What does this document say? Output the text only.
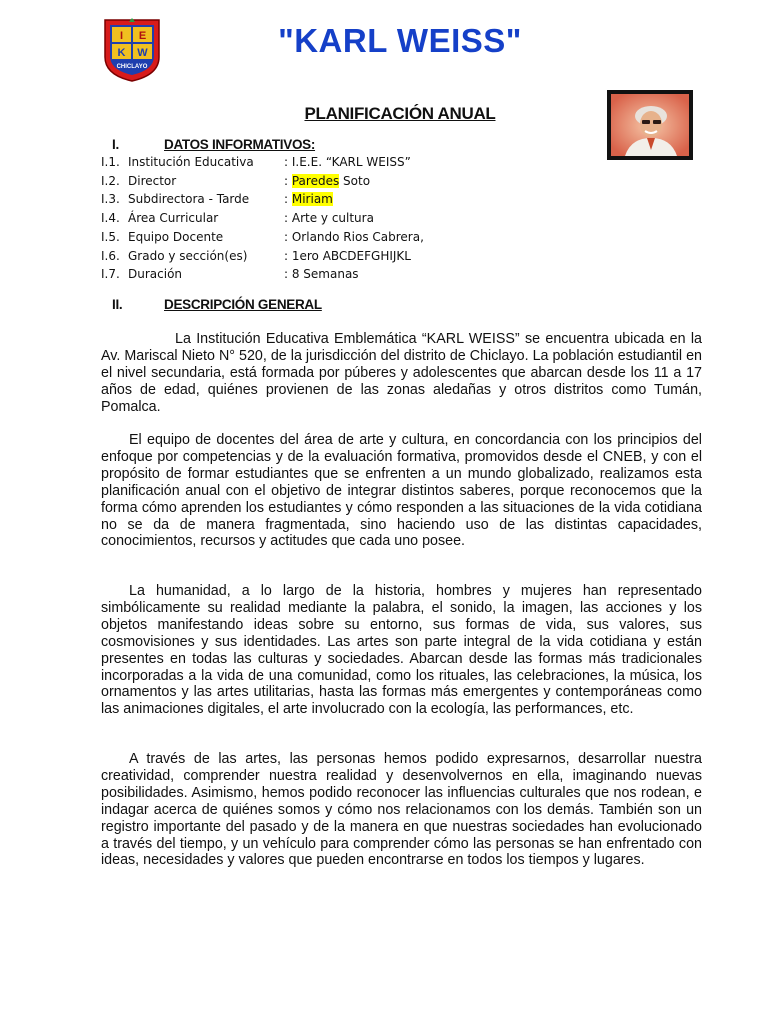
I E
K W
CHICLAYO
"KARL WEISS"
PLANIFICACIÓN ANUAL
I.	DATOS INFORMATIVOS:
I.1. Institución Educativa	: I.E.E. “KARL WEISS”
I.2. Director	: Paredes Soto
I.3. Subdirectora - Tarde	: Miriam
I.4. Área Curricular	: Arte y cultura
I.5. Equipo Docente	: Orlando Rios Cabrera,
I.6. Grado y sección(es)	: 1ero ABCDEFGHIJKL
I.7. Duración	: 8 Semanas
II.	DESCRIPCIÓN GENERAL

La Institución Educativa Emblemática “KARL WEISS” se encuentra ubicada en la Av. Mariscal Nieto N° 520, de la jurisdicción del distrito de Chiclayo. La población estudiantil en el nivel secundaria, está formada por púberes y adolescentes que abarcan desde los 11 a 17 años de edad, quiénes provienen de las zonas aledañas y otros distritos como Tumán, Pomalca.

El equipo de docentes del área de arte y cultura, en concordancia con los principios del enfoque por competencias y de la evaluación formativa, promovidos desde el CNEB, y con el propósito de formar estudiantes que se enfrenten a un mundo globalizado, realizamos esta planificación anual con el objetivo de integrar distintos saberes, porque reconocemos que la forma cómo aprenden los estudiantes y cómo responden a las situaciones de la vida cotidiana no se da de manera fragmentada, sino haciendo uso de las distintas capacidades, conocimientos, recursos y actitudes que cada uno posee.

La humanidad, a lo largo de la historia, hombres y mujeres han representado simbólicamente su realidad mediante la palabra, el sonido, la imagen, las acciones y los objetos manifestando ideas sobre su entorno, sus formas de vida, sus valores, sus cosmovisiones y sus identidades. Las artes son parte integral de la vida cotidiana y están presentes en todas las culturas y sociedades. Abarcan desde las formas más tradicionales incorporadas a la vida de una comunidad, como los rituales, las celebraciones, la música, los ornamentos y las artes utilitarias, hasta las formas más emergentes y contemporáneas como las animaciones digitales, el arte involucrado con la ecología, las performances, etc.

A través de las artes, las personas hemos podido expresarnos, desarrollar nuestra creatividad, comprender nuestra realidad y desenvolvernos en ella, imaginando nuevas posibilidades. Asimismo, hemos podido reconocer las influencias culturales que nos rodean, e indagar acerca de quiénes somos y cómo nos relacionamos con los demás. También son un registro importante del pasado y de la manera en que nuestras sociedades han evolucionado a través del tiempo, y un vehículo para comprender cómo las personas se han enfrentado con ideas, necesidades y valores que pueden encontrarse en todos los tiempos y lugares.
